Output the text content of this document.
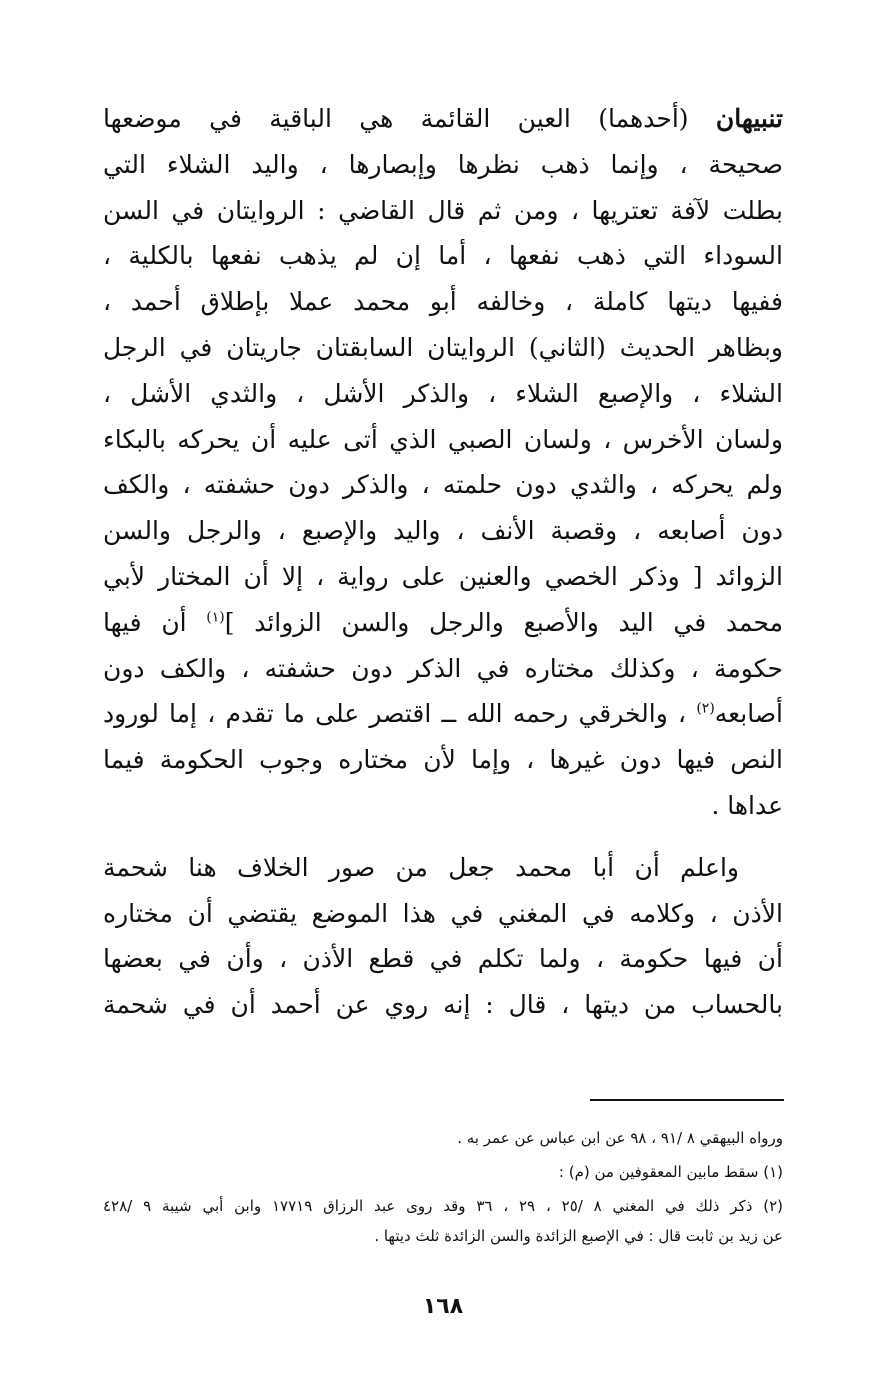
تنبيهان (أحدهما) العين القائمة هي الباقية في موضعها
صحيحة ، وإنما ذهب نظرها وإبصارها ، واليد الشلاء التي
بطلت لآفة تعتريها ، ومن ثم قال القاضي : الروايتان في السن
السوداء التي ذهب نفعها ، أما إن لم يذهب نفعها بالكلية ،
ففيها ديتها كاملة ، وخالفه أبو محمد عملا بإطلاق أحمد ،
وبظاهر الحديث (الثاني) الروايتان السابقتان جاريتان في الرجل
الشلاء ، والإصبع الشلاء ، والذكر الأشل ، والثدي الأشل ،
ولسان الأخرس ، ولسان الصبي الذي أتى عليه أن يحركه بالبكاء
ولم يحركه ، والثدي دون حلمته ، والذكر دون حشفته ، والكف
دون أصابعه ، وقصبة الأنف ، واليد والإصبع ، والرجل والسن
الزوائد [ وذكر الخصي والعنين على رواية ، إلا أن المختار لأبي
محمد في اليد والأصبع والرجل والسن الزوائد ]$^{(١)}$ أن فيها
حكومة ، وكذلك مختاره في الذكر دون حشفته ، والكف دون
أصابعه$^{(٢)}$ ، والخرقي رحمه الله ــ اقتصر على ما تقدم ، إما لورود
النص فيها دون غيرها ، وإما لأن مختاره وجوب الحكومة فيما
عداها .
واعلم أن أبا محمد جعل من صور الخلاف هنا شحمة
الأذن ، وكلامه في المغني في هذا الموضع يقتضي أن مختاره
أن فيها حكومة ، ولما تكلم في قطع الأذن ، وأن في بعضها
بالحساب من ديتها ، قال : إنه روي عن أحمد أن في شحمة
ورواه البيهقي ٨ /٩١ ، ٩٨ عن ابن عباس عن عمر به .
(١) سقط مابين المعقوفين من (م) :
(٢) ذكر ذلك في المغني ٨ /٢٥ ، ٢٩ ، ٣٦ وقد روى عبد الرزاق ١٧٧١٩ وابن أبي شيبة ٩ /٤٢٨
عن زيد بن ثابت قال : في الإصبع الزائدة والسن الزائدة ثلث ديتها .
١٦٨
